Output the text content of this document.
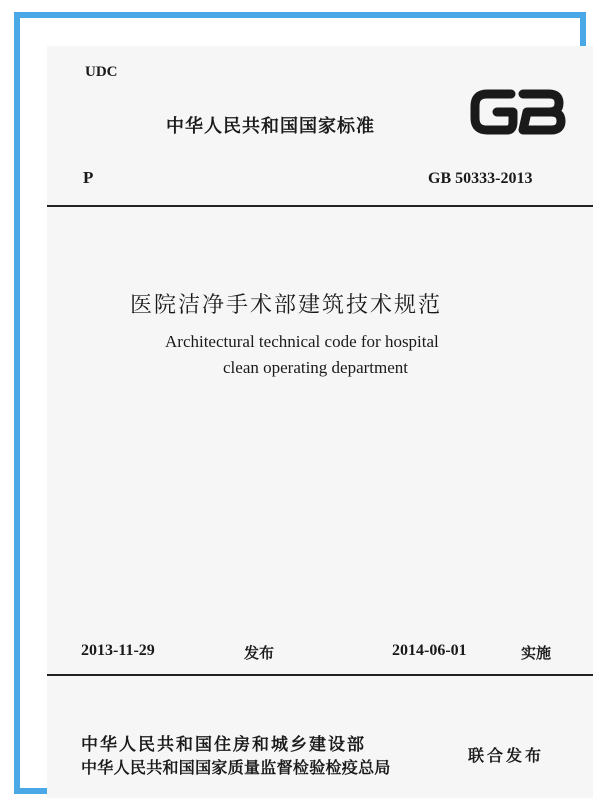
UDC
中华人民共和国国家标准
GB
P	GB 50333-2013
医院洁净手术部建筑技术规范
Architectural technical code for hospital
clean operating department
2013-11-29	发布	2014-06-01	实施
中华人民共和国住房和城乡建设部
中华人民共和国国家质量监督检验检疫总局
联合发布
